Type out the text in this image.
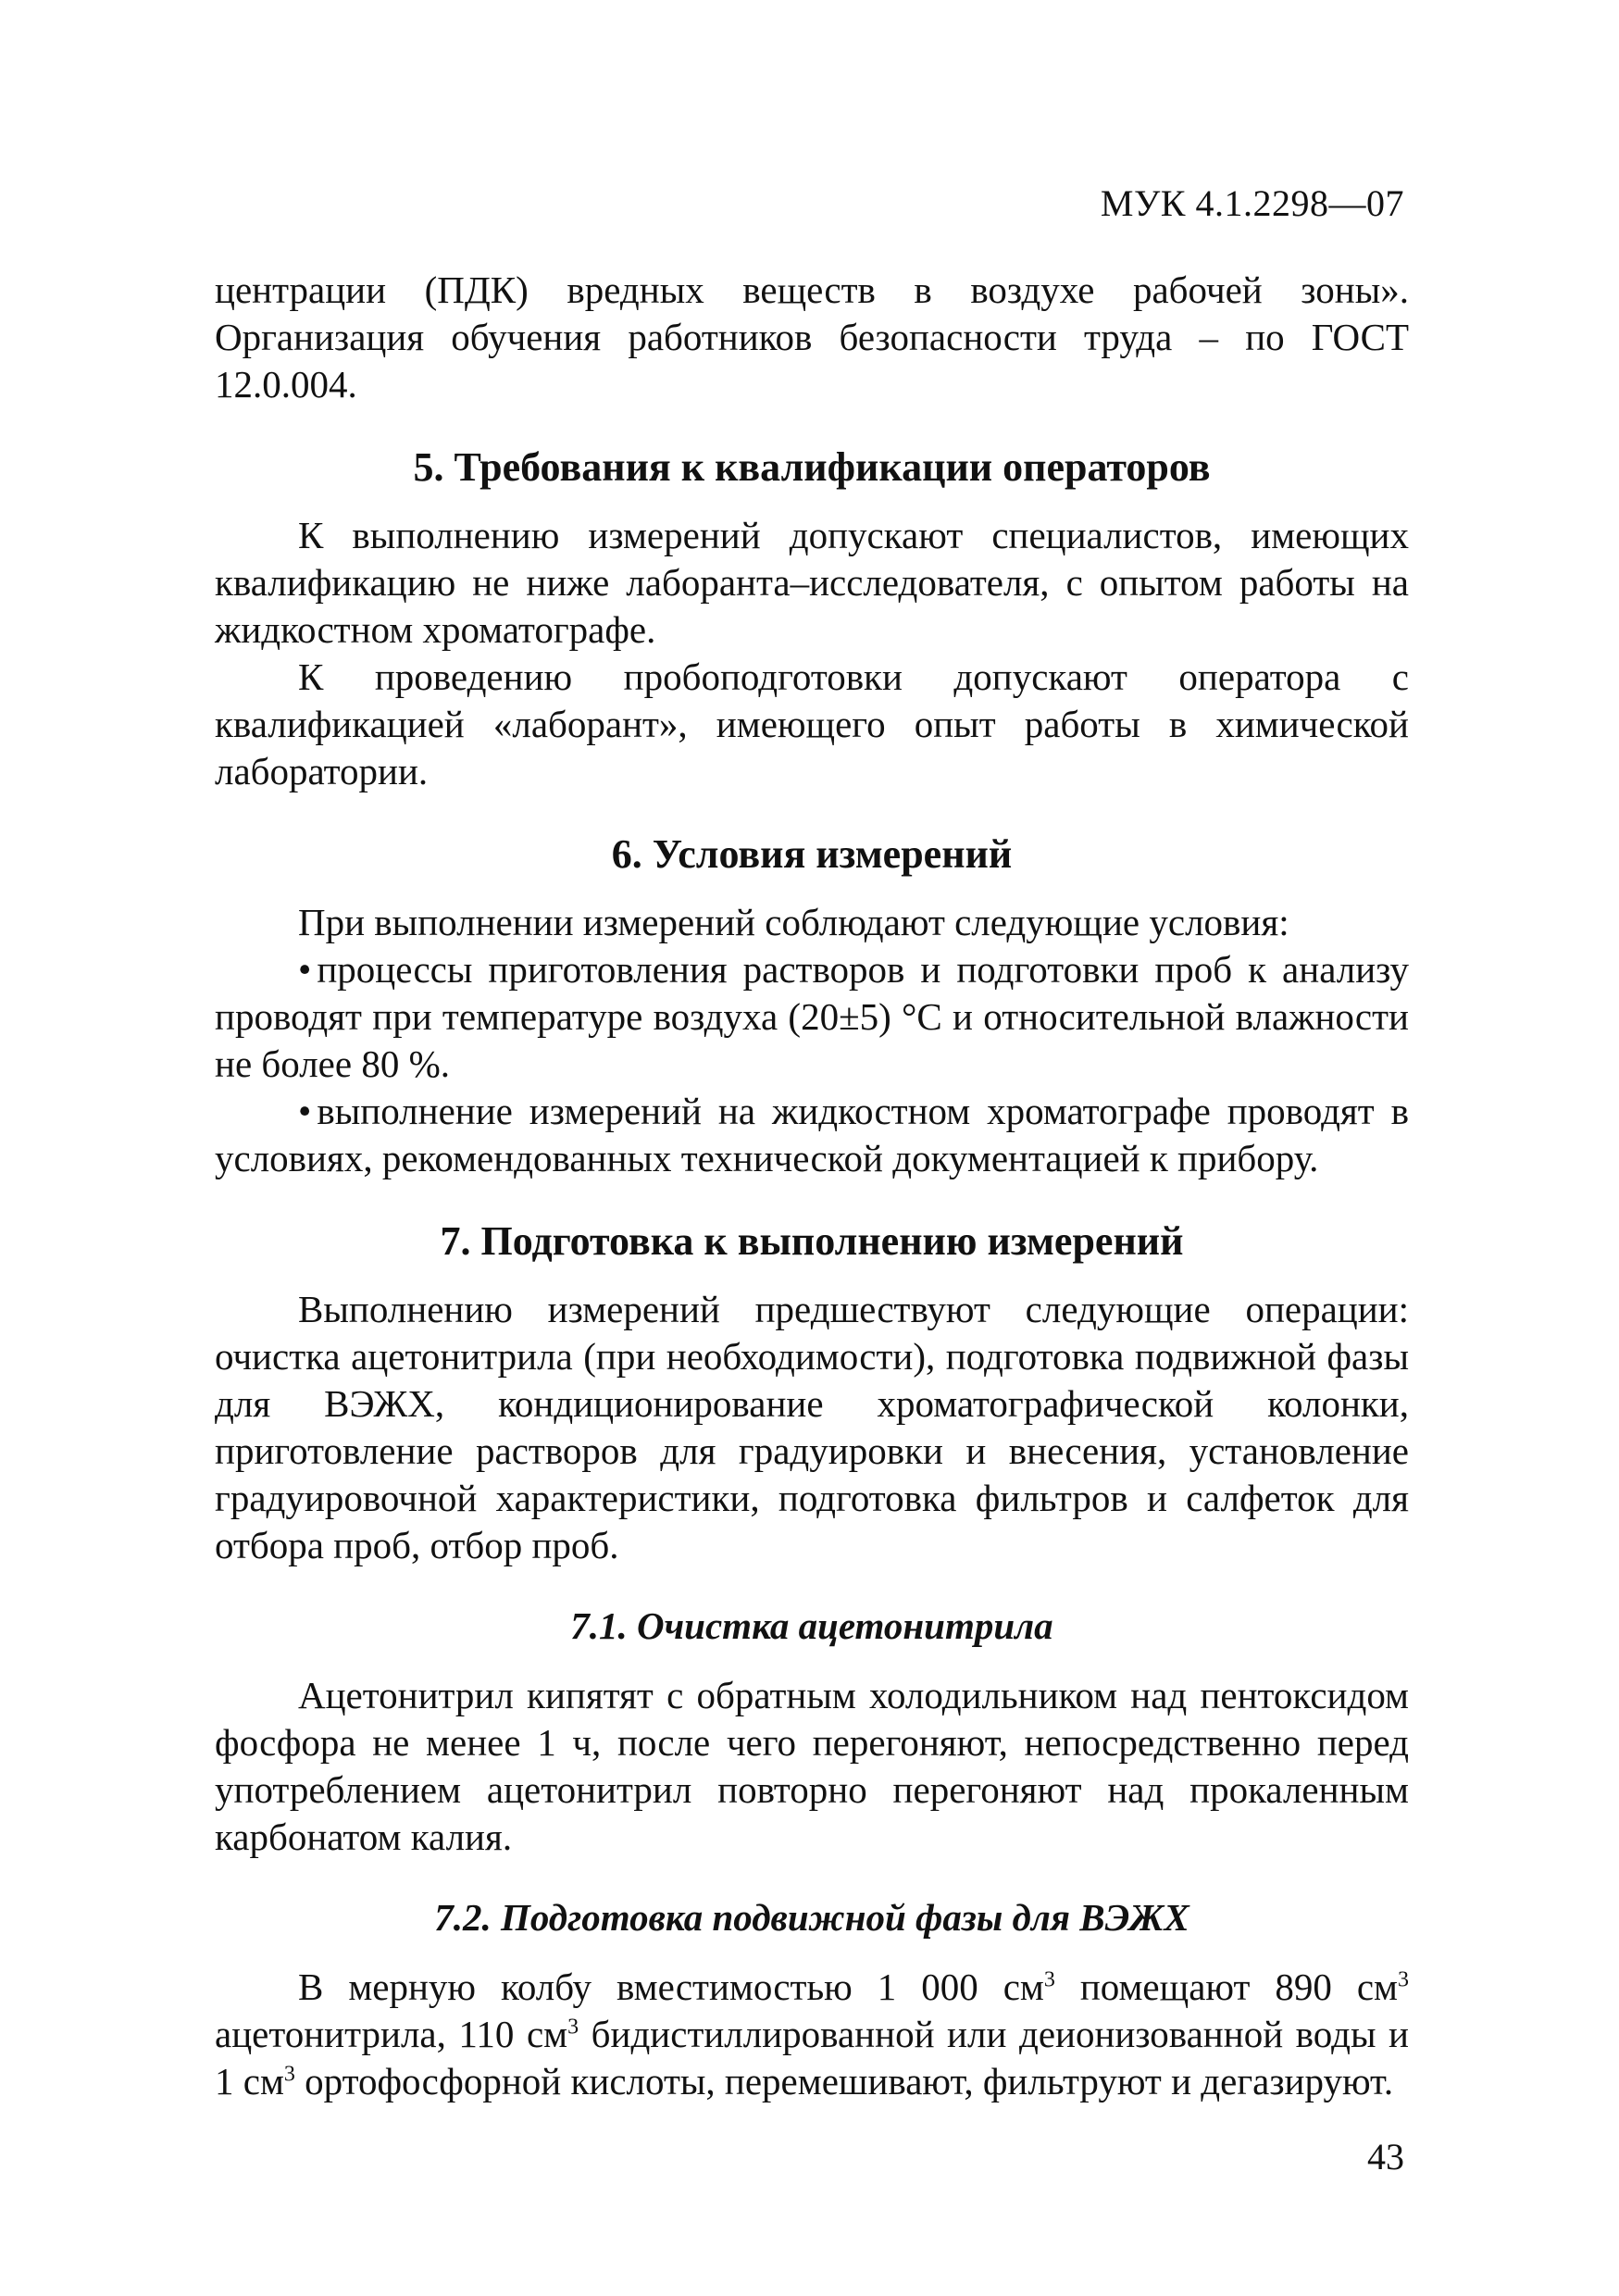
МУК 4.1.2298—07

центрации (ПДК) вредных веществ в воздухе рабочей зоны». Организация обучения работников безопасности труда – по ГОСТ 12.0.004.

5. Требования к квалификации операторов

К выполнению измерений допускают специалистов, имеющих квалификацию не ниже лаборанта–исследователя, с опытом работы на жидкостном хроматографе.

К проведению пробоподготовки допускают оператора с квалификацией «лаборант», имеющего опыт работы в химической лаборатории.

6. Условия измерений

При выполнении измерений соблюдают следующие условия:

• процессы приготовления растворов и подготовки проб к анализу проводят при температуре воздуха (20±5) °С и относительной влажности не более 80 %.

• выполнение измерений на жидкостном хроматографе проводят в условиях, рекомендованных технической документацией к прибору.

7. Подготовка к выполнению измерений

Выполнению измерений предшествуют следующие операции: очистка ацетонитрила (при необходимости), подготовка подвижной фазы для ВЭЖХ, кондиционирование хроматографической колонки, приготовление растворов для градуировки и внесения, установление градуировочной характеристики, подготовка фильтров и салфеток для отбора проб, отбор проб.

7.1. Очистка ацетонитрила

Ацетонитрил кипятят с обратным холодильником над пентоксидом фосфора не менее 1 ч, после чего перегоняют, непосредственно перед употреблением ацетонитрил повторно перегоняют над прокаленным карбонатом калия.

7.2. Подготовка подвижной фазы для ВЭЖХ

В мерную колбу вместимостью 1 000 $см^3$ помещают 890 $см^3$ ацетонитрила, 110 $см^3$ бидистиллированной или деионизованной воды и 1 $см^3$ ортофосфорной кислоты, перемешивают, фильтруют и дегазируют.

43
